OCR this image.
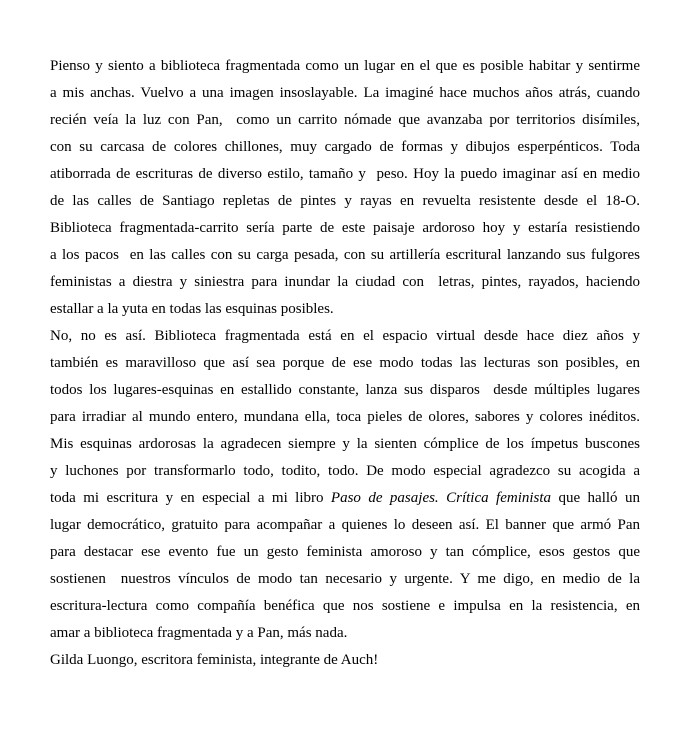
Pienso y siento a biblioteca fragmentada como un lugar en el que es posible habitar y sentirme
a mis anchas. Vuelvo a una imagen insoslayable. La imaginé hace muchos años atrás, cuando
recién veía la luz con Pan,  como un carrito nómade que avanzaba por territorios disímiles,
con su carcasa de colores chillones, muy cargado de formas y dibujos esperpénticos. Toda
atiborrada de escrituras de diverso estilo, tamaño y  peso. Hoy la puedo imaginar así en medio
de las calles de Santiago repletas de pintes y rayas en revuelta resistente desde el 18-O.
Biblioteca fragmentada-carrito sería parte de este paisaje ardoroso hoy y estaría resistiendo
a los pacos  en las calles con su carga pesada, con su artillería escritural lanzando sus fulgores
feministas a diestra y siniestra para inundar la ciudad con  letras, pintes, rayados, haciendo
estallar a la yuta en todas las esquinas posibles.
No, no es así. Biblioteca fragmentada está en el espacio virtual desde hace diez años y
también es maravilloso que así sea porque de ese modo todas las lecturas son posibles, en
todos los lugares-esquinas en estallido constante, lanza sus disparos  desde múltiples lugares
para irradiar al mundo entero, mundana ella, toca pieles de olores, sabores y colores inéditos.
Mis esquinas ardorosas la agradecen siempre y la sienten cómplice de los ímpetus buscones
y luchones por transformarlo todo, todito, todo. De modo especial agradezco su acogida a
toda mi escritura y en especial a mi libro Paso de pasajes. Crítica feminista que halló un
lugar democrático, gratuito para acompañar a quienes lo deseen así. El banner que armó Pan
para destacar ese evento fue un gesto feminista amoroso y tan cómplice, esos gestos que
sostienen  nuestros vínculos de modo tan necesario y urgente. Y me digo, en medio de la
escritura-lectura como compañía benéfica que nos sostiene e impulsa en la resistencia, en
amar a biblioteca fragmentada y a Pan, más nada.
Gilda Luongo, escritora feminista, integrante de Auch!
